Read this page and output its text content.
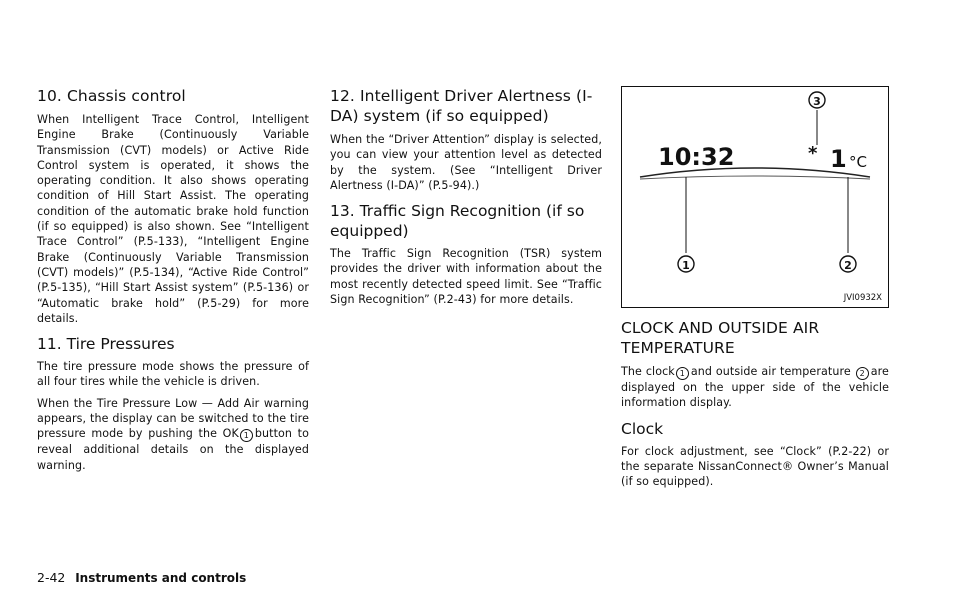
10. Chassis control

When Intelligent Trace Control, Intelligent Engine Brake (Continuously Variable Transmission (CVT) models) or Active Ride Control system is operated, it shows the operating condition. It also shows operating condition of Hill Start Assist. The operating condition of the automatic brake hold function (if so equipped) is also shown. See “Intelligent Trace Control” (P.5-133), “Intelligent Engine Brake (Continuously Variable Transmission (CVT) models)” (P.5-134), “Active Ride Control” (P.5-135), “Hill Start Assist system” (P.5-136) or “Automatic brake hold” (P.5-29) for more details.

11. Tire Pressures

The tire pressure mode shows the pressure of all four tires while the vehicle is driven.

When the Tire Pressure Low — Add Air warning appears, the display can be switched to the tire pressure mode by pushing the OK 1 button to reveal additional details on the displayed warning.

12. Intelligent Driver Alertness (I-DA) system (if so equipped)

When the “Driver Attention” display is selected, you can view your attention level as detected by the system. (See “Intelligent Driver Alertness (I-DA)” (P.5-94).)

13. Traffic Sign Recognition (if so equipped)

The Traffic Sign Recognition (TSR) system provides the driver with information about the most recently detected speed limit. See “Traffic Sign Recognition” (P.2-43) for more details.

10:32	* 1 °C
1	2
3
JVI0932X
CLOCK AND OUTSIDE AIR TEMPERATURE

The clock 1 and outside air temperature 2 are displayed on the upper side of the vehicle information display.

Clock

For clock adjustment, see “Clock” (P.2-22) or the separate NissanConnect® Owner’s Manual (if so equipped).

2-42 Instruments and controls
